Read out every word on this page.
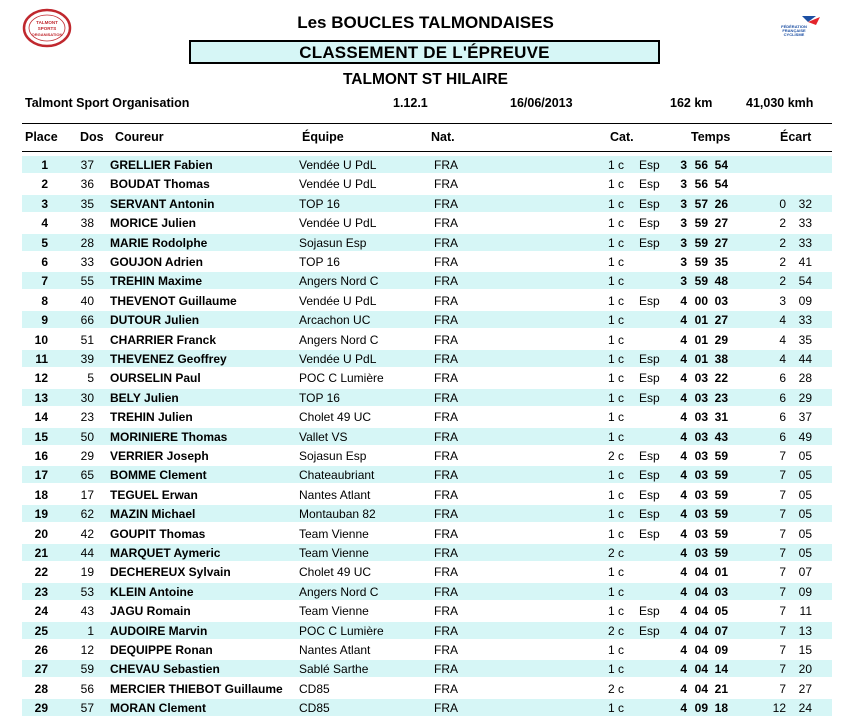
TALMONT
SPORTS
ORGANISATION
Les BOUCLES TALMONDAISES	FÉDÉRATION
FRANÇAISE
CYCLISME
CLASSEMENT DE L'ÉPREUVE
TALMONT ST HILAIRE
Talmont Sport Organisation	1.12.1	16/06/2013	162 km	41,030 kmh
Place Dos Coureur	Équipe	Nat.	Cat.	Temps	Écart
1	37 GRELLIER Fabien	Vendée U PdL	FRA	1 c Esp 3 56 54
2	36 BOUDAT Thomas	Vendée U PdL	FRA	1 c Esp 3 56 54
3	35 SERVANT Antonin	TOP 16	FRA	1 c Esp 3 57 26	0	32
4	38 MORICE Julien	Vendée U PdL	FRA	1 c Esp 3 59 27	2	33
5	28 MARIE Rodolphe	Sojasun Esp	FRA	1 c Esp 3 59 27	2	33
6	33 GOUJON Adrien	TOP 16	FRA	1 c	3 59 35	2	41
7	55 TREHIN Maxime	Angers Nord C	FRA	1 c	3 59 48	2	54
8	40 THEVENOT Guillaume	Vendée U PdL	FRA	1 c Esp 4 00 03	3	09
9	66 DUTOUR Julien	Arcachon UC	FRA	1 c	4 01 27	4	33
10	51 CHARRIER Franck	Angers Nord C	FRA	1 c	4 01 29	4	35
11	39 THEVENEZ Geoffrey	Vendée U PdL	FRA	1 c Esp 4 01 38	4	44
12	5 OURSELIN Paul	POC C Lumière	FRA	1 c Esp 4 03 22	6	28
13	30 BELY Julien	TOP 16	FRA	1 c Esp 4 03 23	6	29
14	23 TREHIN Julien	Cholet 49 UC	FRA	1 c	4 03 31	6	37
15	50 MORINIERE Thomas	Vallet VS	FRA	1 c	4 03 43	6	49
16	29 VERRIER Joseph	Sojasun Esp	FRA	2 c Esp 4 03 59	7	05
17	65 BOMME Clement	Chateaubriant	FRA	1 c Esp 4 03 59	7	05
18	17 TEGUEL Erwan	Nantes Atlant	FRA	1 c Esp 4 03 59	7	05
19	62 MAZIN Michael	Montauban 82	FRA	1 c Esp 4 03 59	7	05
20	42 GOUPIT Thomas	Team Vienne	FRA	1 c Esp 4 03 59	7	05
21	44 MARQUET Aymeric	Team Vienne	FRA	2 c	4 03 59	7	05
22	19 DECHEREUX Sylvain	Cholet 49 UC	FRA	1 c	4 04 01	7	07
23	53 KLEIN Antoine	Angers Nord C	FRA	1 c	4 04 03	7	09
24	43 JAGU Romain	Team Vienne	FRA	1 c Esp 4 04 05	7	11
25	1 AUDOIRE Marvin	POC C Lumière	FRA	2 c Esp 4 04 07	7	13
26	12 DEQUIPPE Ronan	Nantes Atlant	FRA	1 c	4 04 09	7	15
27	59 CHEVAU Sebastien	Sablé Sarthe	FRA	1 c	4 04 14	7	20
28	56 MERCIER THIEBOT Guillaume	CD85	FRA	2 c	4 04 21	7	27
29	57 MORAN Clement	CD85	FRA	1 c	4 09 18	12	24
